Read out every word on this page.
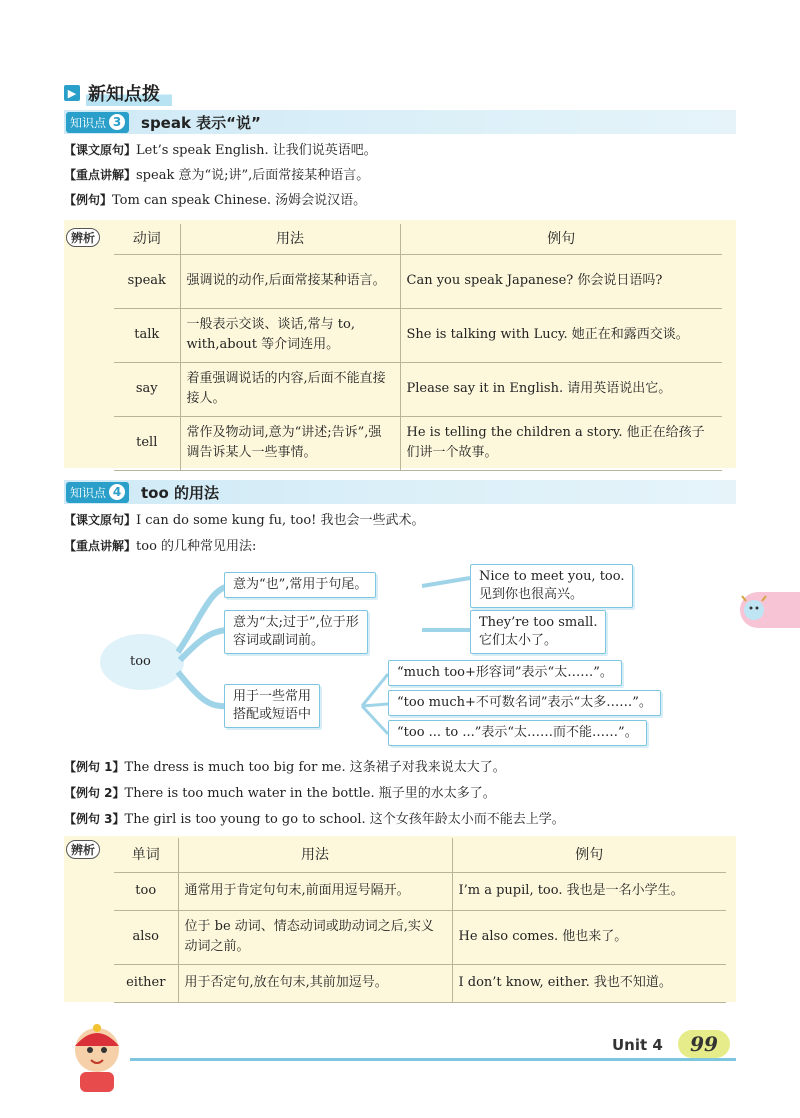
▶ 新知点拨
知识点 3 speak 表示“说”
【课文原句】Let’s speak English. 让我们说英语吧。
【重点讲解】speak 意为“说;讲”,后面常接某种语言。
【例句】Tom can speak Chinese. 汤姆会说汉语。
辨析	动词	用法	例句
speak	强调说的动作,后面常接某种语言。	Can you speak Japanese? 你会说日语吗?
talk	一般表示交谈、谈话,常与 to, with,about 等介词连用。	She is talking with Lucy. 她正在和露西交谈。
say	着重强调说话的内容,后面不能直接接人。	Please say it in English. 请用英语说出它。
tell	常作及物动词,意为“讲述;告诉”,强调告诉某人一些事情。	He is telling the children a story. 他正在给孩子们讲一个故事。
知识点 4 too 的用法
【课文原句】I can do some kung fu, too! 我也会一些武术。
【重点讲解】too 的几种常见用法:
too
意为“也”,常用于句尾。
Nice to meet you, too.
见到你也很高兴。
意为“太;过于”,位于形
容词或副词前。
They’re too small.
它们太小了。
用于一些常用
搭配或短语中
“much too+形容词”表示“太……”。
“too much+不可数名词”表示“太多……”。
“too ... to ...”表示“太……而不能……”。
【例句 1】The dress is much too big for me. 这条裙子对我来说太大了。
【例句 2】There is too much water in the bottle. 瓶子里的水太多了。
【例句 3】The girl is too young to go to school. 这个女孩年龄太小而不能去上学。
辨析	单词	用法	例句
too	通常用于肯定句句末,前面用逗号隔开。	I’m a pupil, too. 我也是一名小学生。
also	位于 be 动词、情态动词或助动词之后,实义动词之前。	He also comes. 他也来了。
either	用于否定句,放在句末,其前加逗号。	I don’t know, either. 我也不知道。
Unit 4	99
